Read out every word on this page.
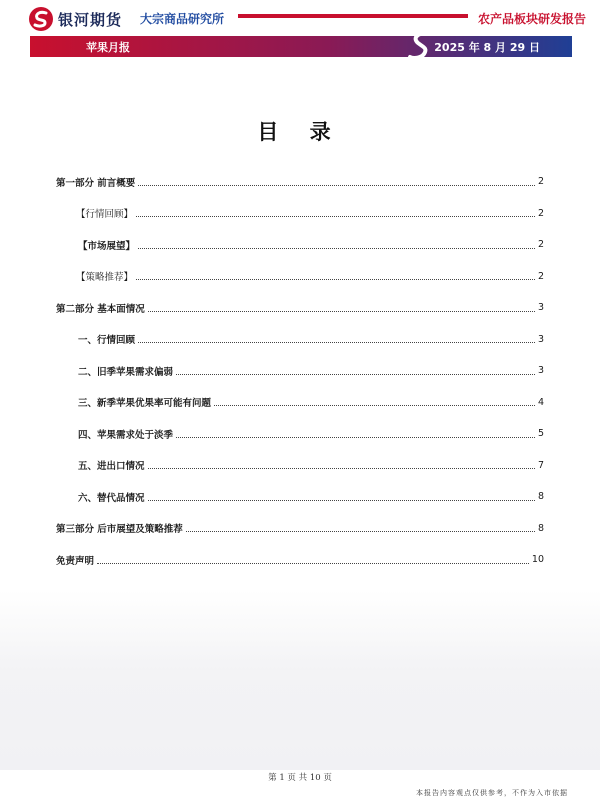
银河期货 大宗商品研究所	农产品板块研发报告
苹果月报	2025 年 8 月 29 日
目 录
第一部分 前言概要	2
【行情回顾】	2
【市场展望】	2
【策略推荐】	2
第二部分 基本面情况	3
一、行情回顾	3
二、旧季苹果需求偏弱	3
三、新季苹果优果率可能有问题	4
四、苹果需求处于淡季	5
五、进出口情况	7
六、替代品情况	8
第三部分 后市展望及策略推荐	8
免责声明	10
第 1 页 共 10 页
本报告内容观点仅供参考，不作为入市依据
